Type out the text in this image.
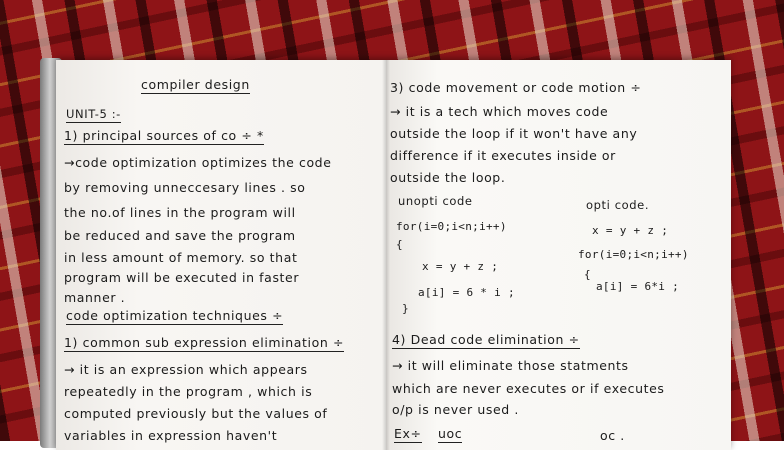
compiler design
UNIT-5 :-
1) principal sources of co ÷ *
→code optimization optimizes the code
by removing unneccesary lines . so
the no.of lines in the program will
be reduced and save the program
in less amount of memory. so that
program will be executed in faster
manner .
code optimization techniques ÷
1) common sub expression elimination ÷
→ it is an expression which appears
repeatedly in the program , which is
computed previously but the values of
variables in expression haven't
3) code movement or code motion ÷
→ it is a tech which moves code
outside the loop if it won't have any
difference if it executes inside or
outside the loop.
unopti code	opti code.
for(i=0;i<n;i++)
{
x = y + z ;
a[i] = 6 * i ;
}
x = y + z ;
for(i=0;i<n;i++)
{
a[i] = 6*i ;
4) Dead code elimination ÷
→ it will eliminate those statments
which are never executes or if executes
o/p is never used .
Ex÷ uoc	oc .
